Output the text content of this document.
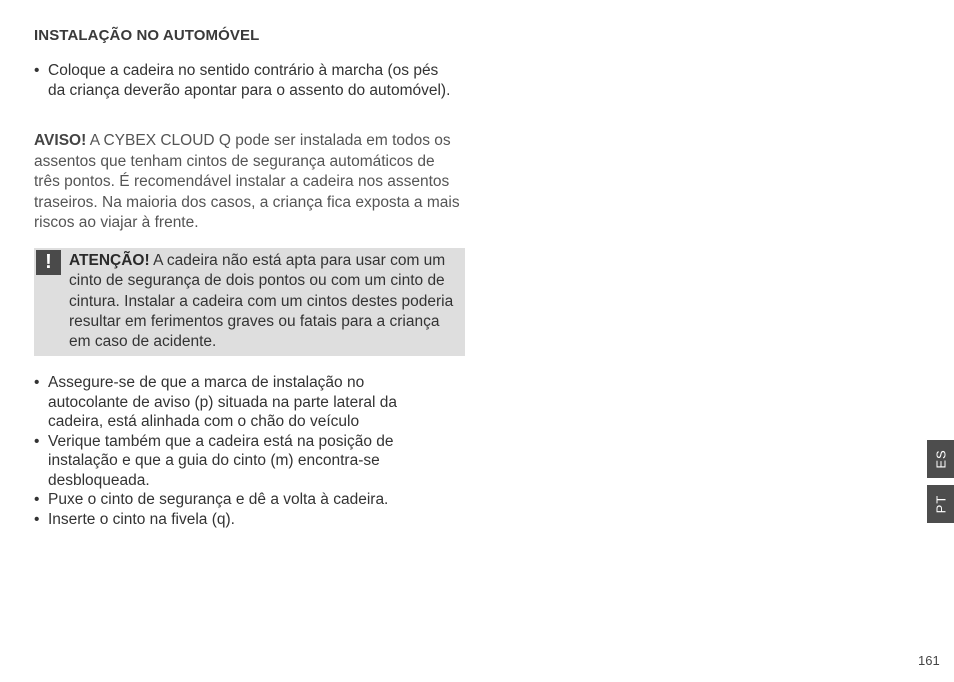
INSTALAÇÃO NO AUTOMÓVEL
• Coloque a cadeira no sentido contrário à marcha (os pés da criança deverão apontar para o assento do automóvel).
AVISO! A CYBEX CLOUD Q pode ser instalada em todos os assentos que tenham cintos de segurança automáticos de três pontos. É recomendável instalar a cadeira nos assentos traseiros. Na maioria dos casos, a criança fica exposta a mais riscos ao viajar à frente.
!	ATENÇÃO! A cadeira não está apta para usar com um cinto de segurança de dois pontos ou com um cinto de cintura. Instalar a cadeira com um cintos destes poderia resultar em ferimentos graves ou fatais para a criança em caso de acidente.
• Assegure-se de que a marca de instalação no autocolante de aviso (p) situada na parte lateral da cadeira, está alinhada com o chão do veículo
• Verique também que a cadeira está na posição de instalação e que a guia do cinto (m) encontra-se desbloqueada.
• Puxe o cinto de segurança e dê a volta à cadeira.
• Inserte o cinto na fivela (q).
ES
PT
161
